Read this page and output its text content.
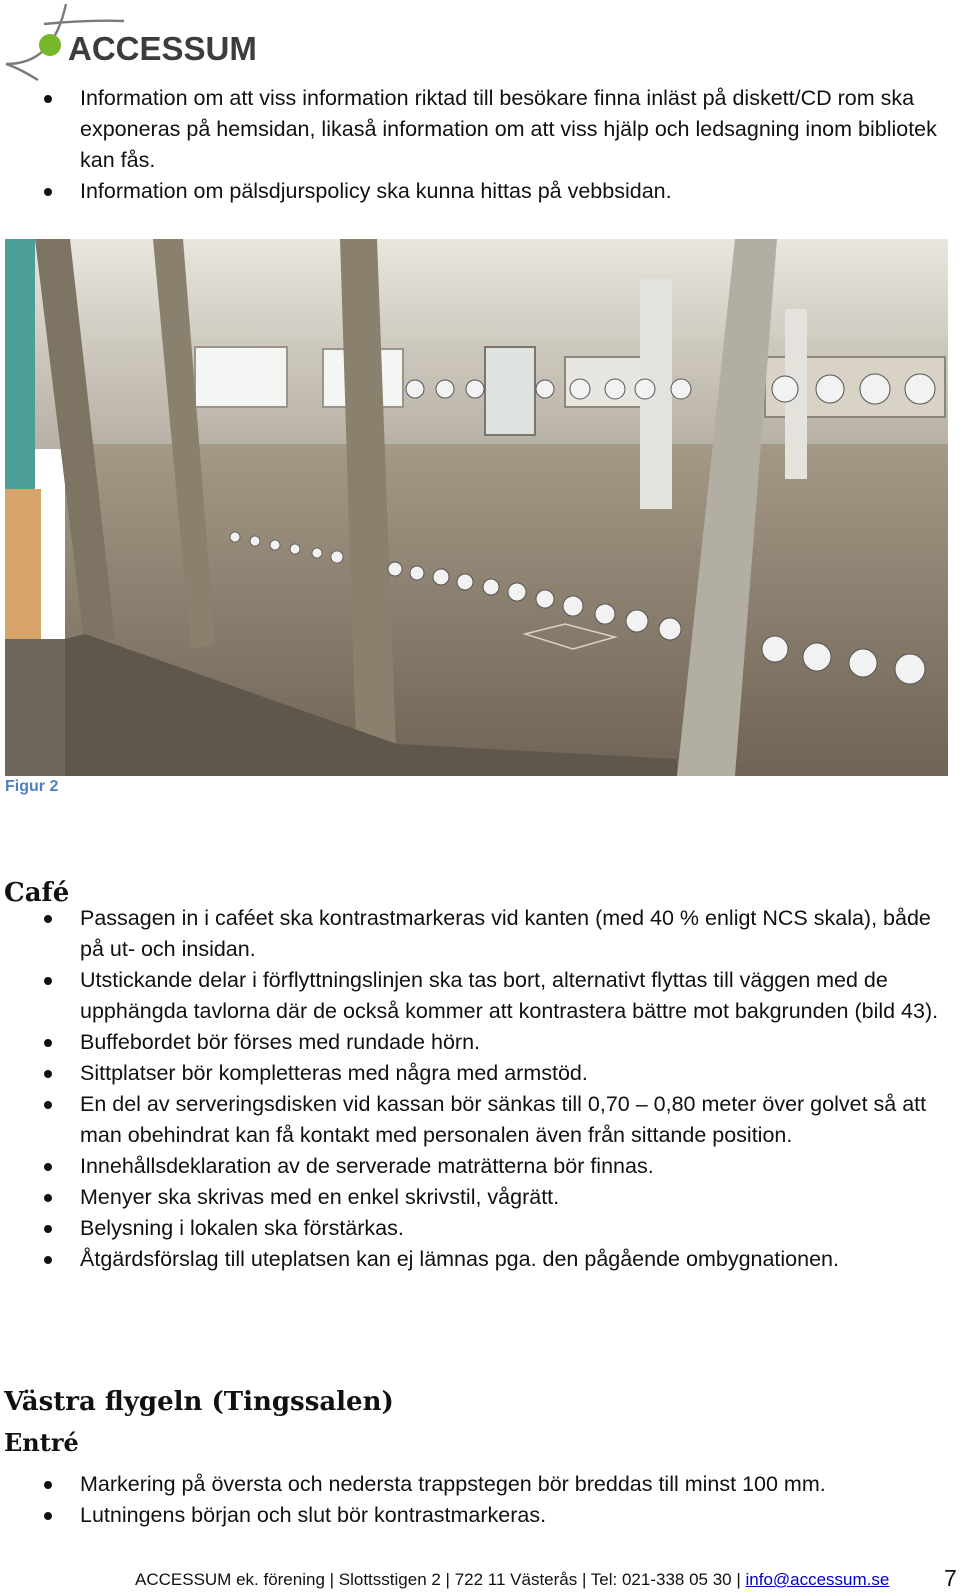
ACCESSUM
Information om att viss information riktad till besökare finna inläst på diskett/CD rom ska exponeras på hemsidan, likaså information om att viss hjälp och ledsagning inom bibliotek kan fås.
Information om pälsdjurspolicy ska kunna hittas på vebbsidan.
Figur 2
Café
Passagen in i caféet ska kontrastmarkeras vid kanten (med 40 % enligt NCS skala), både på ut- och insidan.
Utstickande delar i förflyttningslinjen ska tas bort, alternativt flyttas till väggen med de upphängda tavlorna där de också kommer att kontrastera bättre mot bakgrunden (bild 43).
Buffebordet bör förses med rundade hörn.
Sittplatser bör kompletteras med några med armstöd.
En del av serveringsdisken vid kassan bör sänkas till 0,70 – 0,80 meter över golvet så att man obehindrat kan få kontakt med personalen även från sittande position.
Innehållsdeklaration av de serverade maträtterna bör finnas.
Menyer ska skrivas med en enkel skrivstil, vågrätt.
Belysning i lokalen ska förstärkas.
Åtgärdsförslag till uteplatsen kan ej lämnas pga. den pågående ombygnationen.
Västra flygeln (Tingssalen)
Entré
Markering på översta och nedersta trappstegen bör breddas till minst 100 mm.
Lutningens början och slut bör kontrastmarkeras.
ACCESSUM ek. förening | Slottsstigen 2 | 722 11 Västerås | Tel: 021-338 05 30 | info@accessum.se 7
